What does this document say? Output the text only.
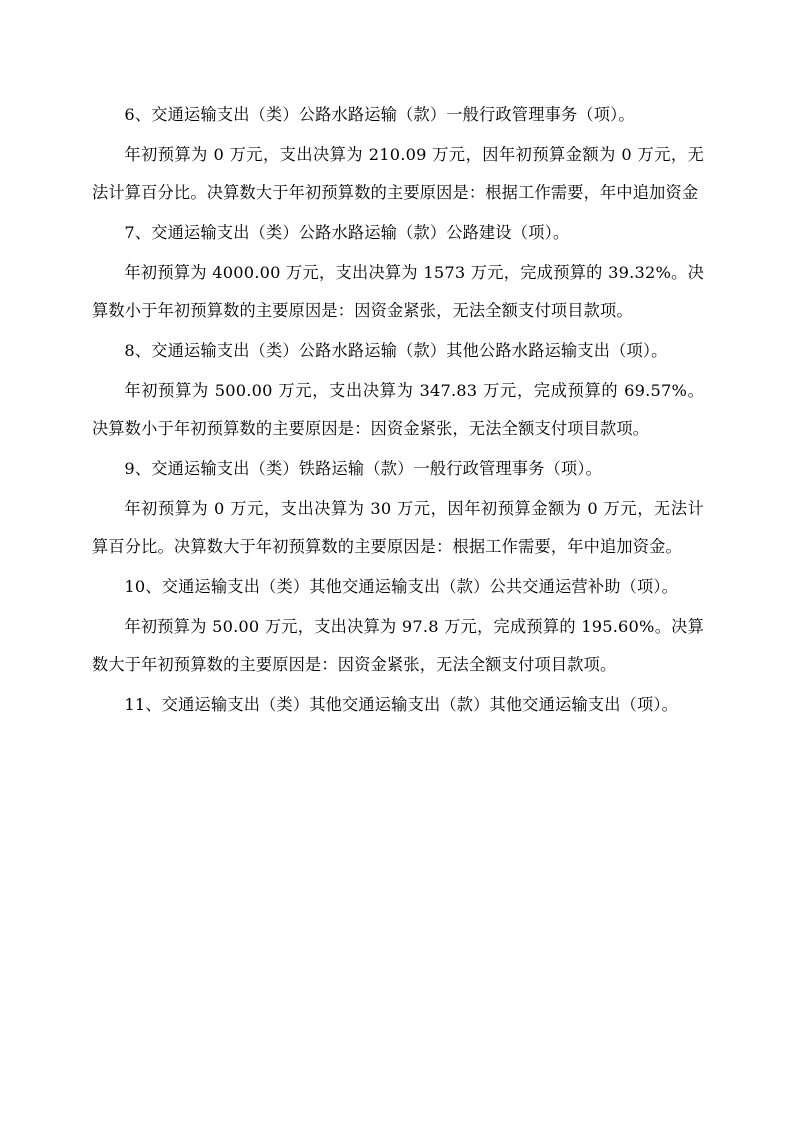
6、交通运输支出（类）公路水路运输（款）一般行政管理事务（项）。

年初预算为 0 万元，支出决算为 210.09 万元，因年初预算金额为 0 万元，无法计算百分比。决算数大于年初预算数的主要原因是：根据工作需要，年中追加资金

7、交通运输支出（类）公路水路运输（款）公路建设（项）。

年初预算为 4000.00 万元，支出决算为 1573 万元，完成预算的 39.32%。决算数小于年初预算数的主要原因是：因资金紧张，无法全额支付项目款项。

8、交通运输支出（类）公路水路运输（款）其他公路水路运输支出（项）。

年初预算为 500.00 万元，支出决算为 347.83 万元，完成预算的 69.57%。决算数小于年初预算数的主要原因是：因资金紧张，无法全额支付项目款项。

9、交通运输支出（类）铁路运输（款）一般行政管理事务（项）。

年初预算为 0 万元，支出决算为 30 万元，因年初预算金额为 0 万元，无法计算百分比。决算数大于年初预算数的主要原因是：根据工作需要，年中追加资金。

10、交通运输支出（类）其他交通运输支出（款）公共交通运营补助（项）。

年初预算为 50.00 万元，支出决算为 97.8 万元，完成预算的 195.60%。决算数大于年初预算数的主要原因是：因资金紧张，无法全额支付项目款项。

11、交通运输支出（类）其他交通运输支出（款）其他交通运输支出（项）。
